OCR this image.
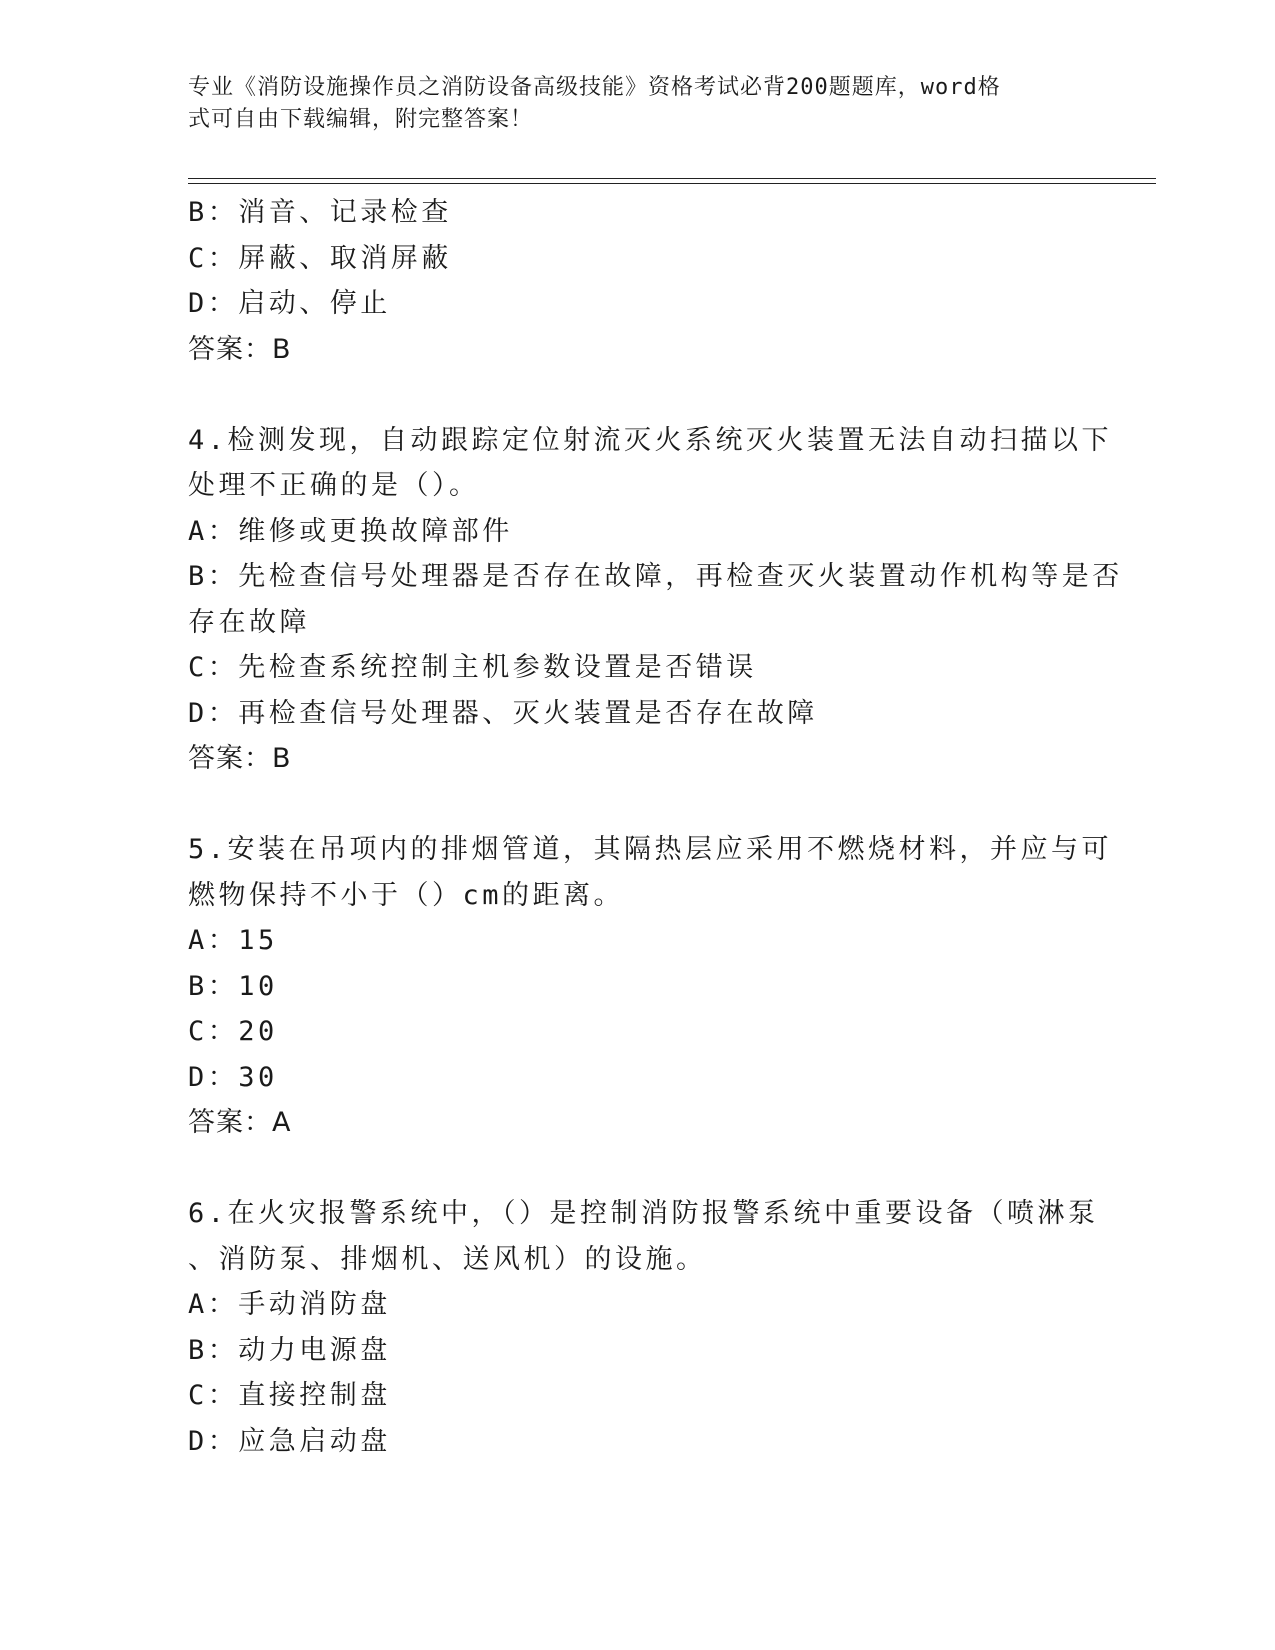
专业《消防设施操作员之消防设备高级技能》资格考试必背200题题库，word格
式可自由下载编辑，附完整答案！
B：消音、记录检查
C：屏蔽、取消屏蔽
D：启动、停止
答案：B
4.检测发现，自动跟踪定位射流灭火系统灭火装置无法自动扫描以下
处理不正确的是（）。
A：维修或更换故障部件
B：先检查信号处理器是否存在故障，再检查灭火装置动作机构等是否
存在故障
C：先检查系统控制主机参数设置是否错误
D：再检查信号处理器、灭火装置是否存在故障
答案：B
5.安装在吊项内的排烟管道，其隔热层应采用不燃烧材料，并应与可
燃物保持不小于（）cm的距离。
A：15
B：10
C：20
D：30
答案：A
6.在火灾报警系统中，（）是控制消防报警系统中重要设备（喷淋泵
、消防泵、排烟机、送风机）的设施。
A：手动消防盘
B：动力电源盘
C：直接控制盘
D：应急启动盘
